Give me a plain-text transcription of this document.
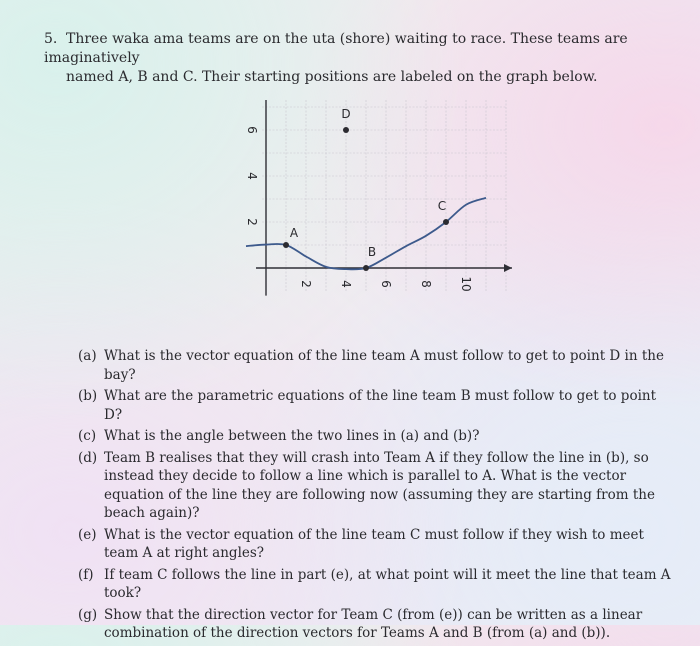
5. Three waka ama teams are on the uta (shore) waiting to race. These teams are imaginatively
named A, B and C. Their starting positions are labeled on the graph below.
2 4 6 8 10
2
4
6
A
B
C
D
(a) What is the vector equation of the line team A must follow to get to point D in the bay?
(b) What are the parametric equations of the line team B must follow to get to point D?
(c) What is the angle between the two lines in (a) and (b)?
(d) Team B realises that they will crash into Team A if they follow the line in (b), so instead they decide to follow a line which is parallel to A. What is the vector equation of the line they are following now (assuming they are starting from the beach again)?
(e) What is the vector equation of the line team C must follow if they wish to meet team A at right angles?
(f) If team C follows the line in part (e), at what point will it meet the line that team A took?
(g) Show that the direction vector for Team C (from (e)) can be written as a linear combination of the direction vectors for Teams A and B (from (a) and (b)).
